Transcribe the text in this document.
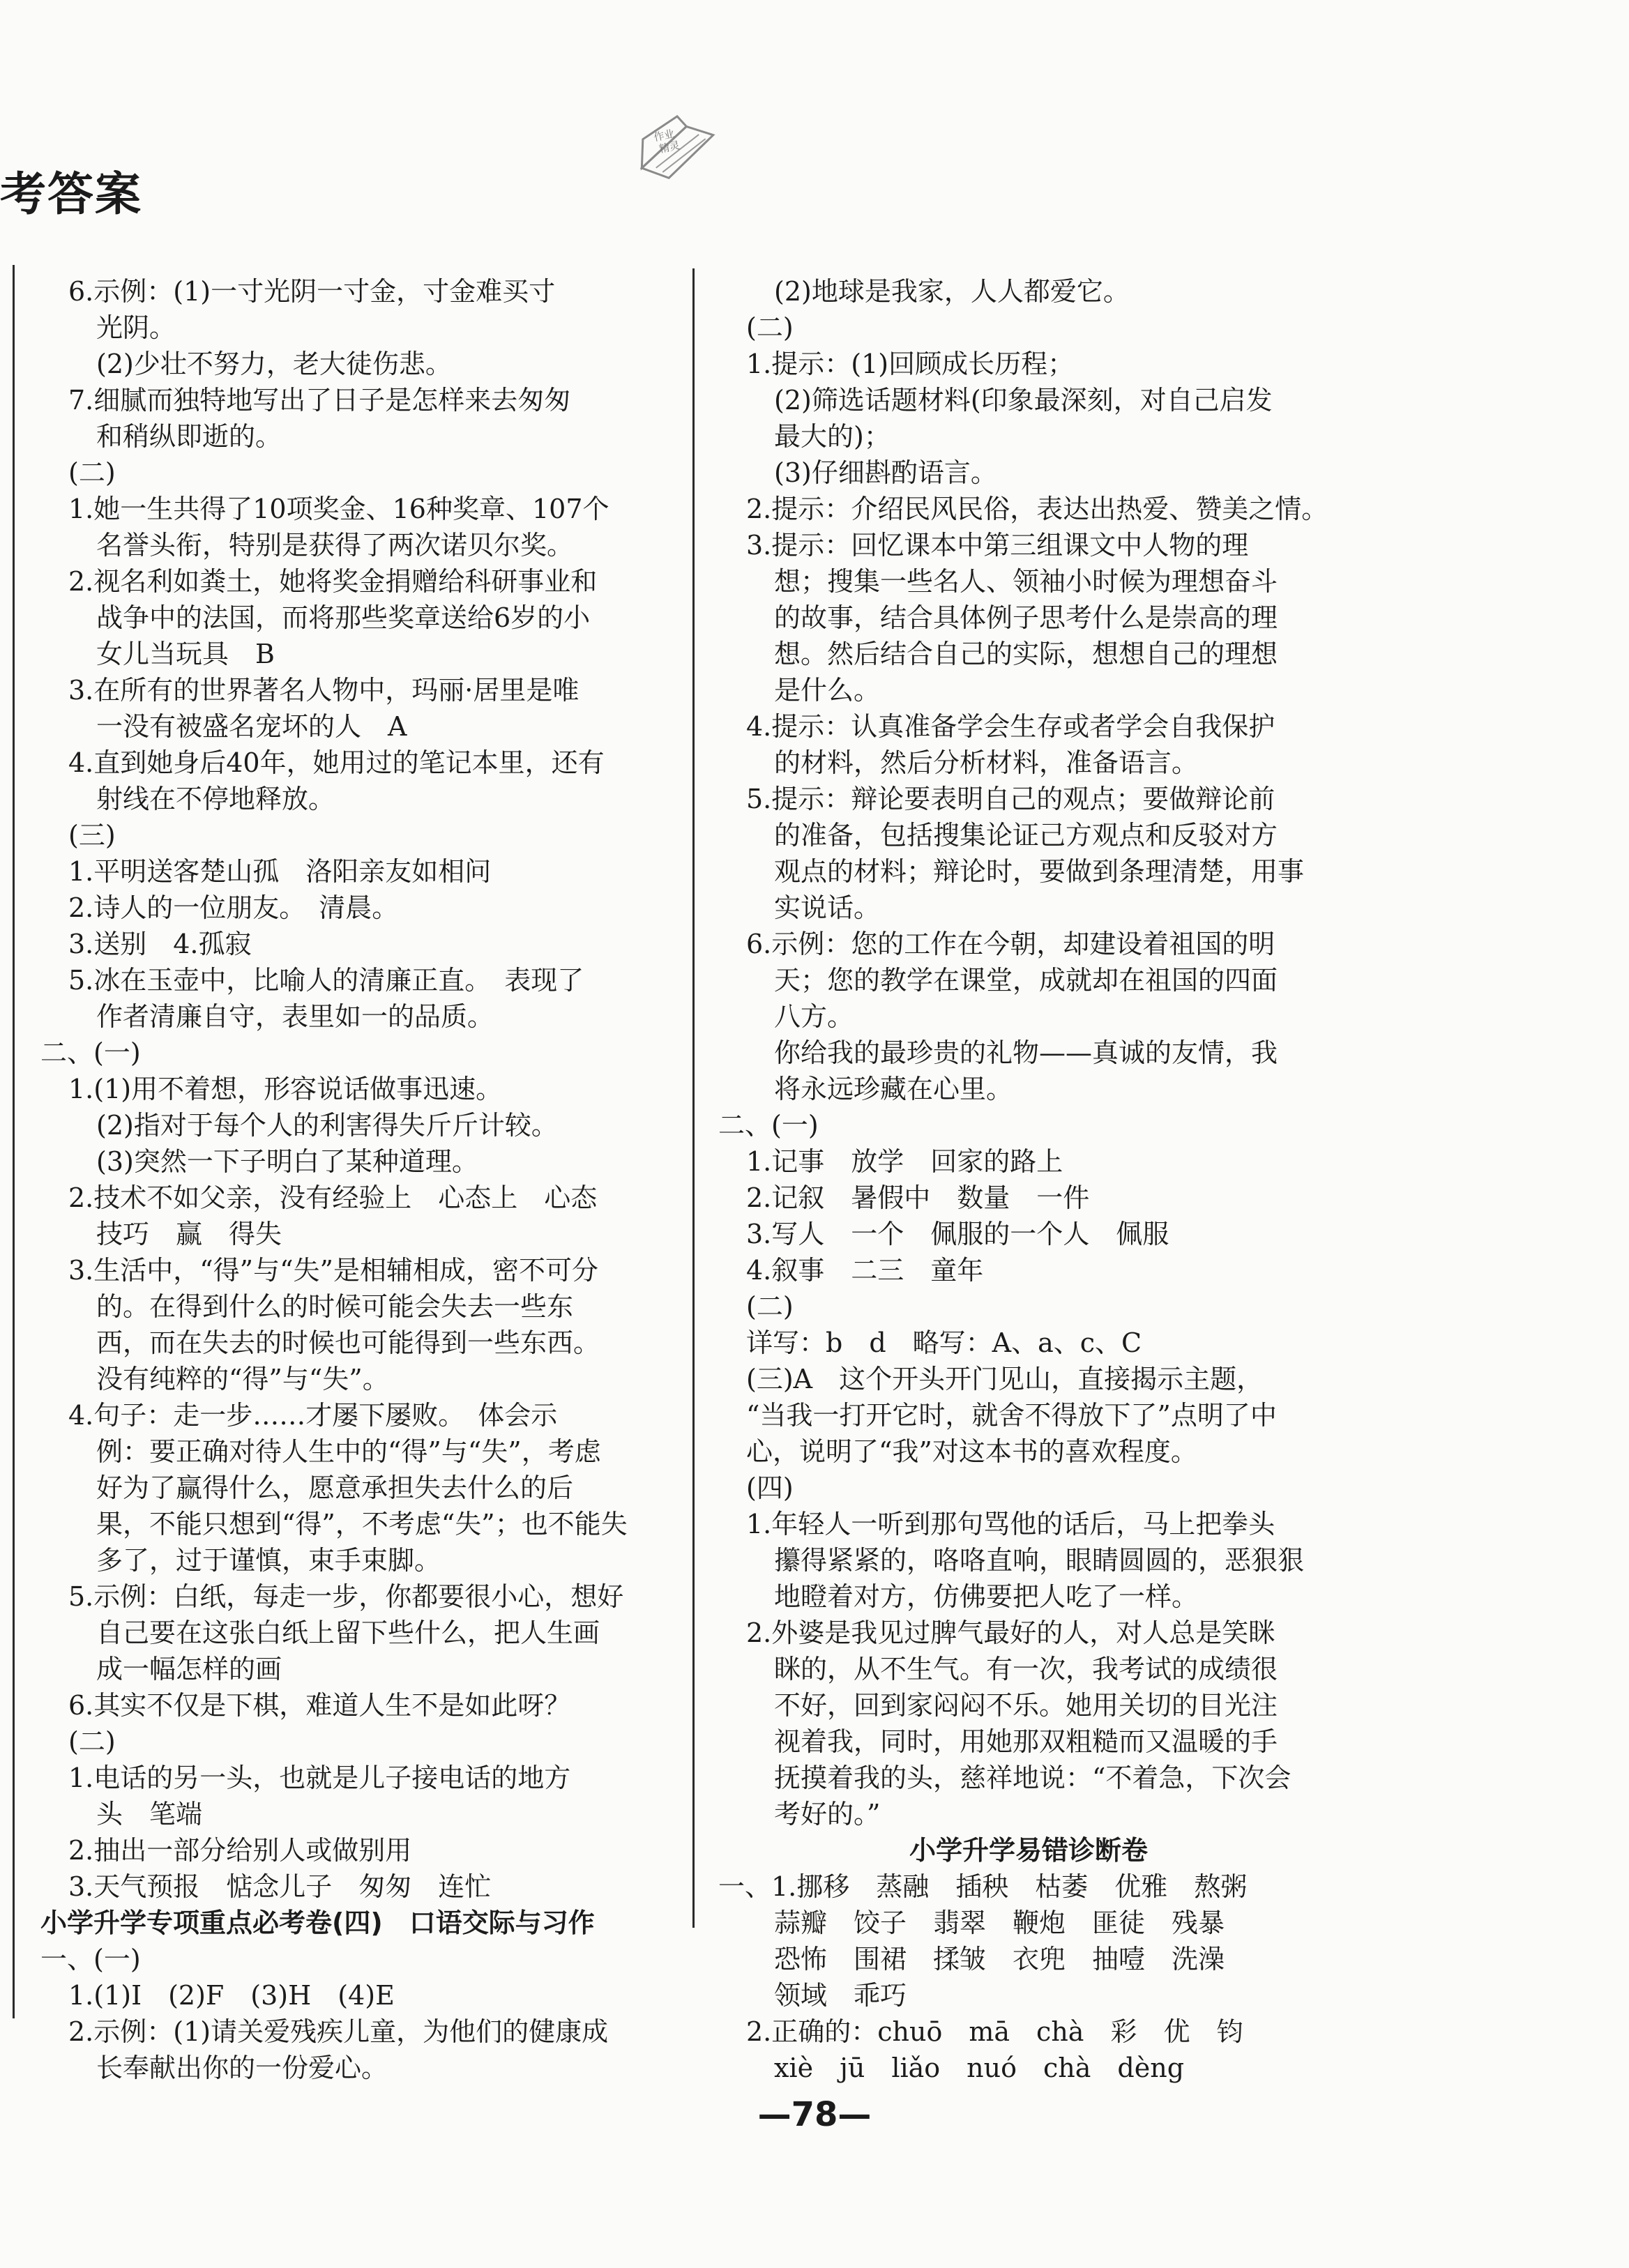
考答案
作业
精灵
6.示例：(1)一寸光阴一寸金，寸金难买寸
光阴。
(2)少壮不努力，老大徒伤悲。
7.细腻而独特地写出了日子是怎样来去匆匆
和稍纵即逝的。
(二)
1.她一生共得了10项奖金、16种奖章、107个
名誉头衔，特别是获得了两次诺贝尔奖。
2.视名利如粪土，她将奖金捐赠给科研事业和
战争中的法国，而将那些奖章送给6岁的小
女儿当玩具　B
3.在所有的世界著名人物中，玛丽·居里是唯
一没有被盛名宠坏的人　A
4.直到她身后40年，她用过的笔记本里，还有
射线在不停地释放。
(三)
1.平明送客楚山孤　洛阳亲友如相问
2.诗人的一位朋友。　清晨。
3.送别　4.孤寂
5.冰在玉壶中，比喻人的清廉正直。　表现了
作者清廉自守，表里如一的品质。
二、(一)
1.(1)用不着想，形容说话做事迅速。
(2)指对于每个人的利害得失斤斤计较。
(3)突然一下子明白了某种道理。
2.技术不如父亲，没有经验上　心态上　心态
技巧　赢　得失
3.生活中，“得”与“失”是相辅相成，密不可分
的。在得到什么的时候可能会失去一些东
西，而在失去的时候也可能得到一些东西。
没有纯粹的“得”与“失”。
4.句子：走一步……才屡下屡败。　体会示
例：要正确对待人生中的“得”与“失”，考虑
好为了赢得什么，愿意承担失去什么的后
果，不能只想到“得”，不考虑“失”；也不能失
多了，过于谨慎，束手束脚。
5.示例：白纸，每走一步，你都要很小心，想好
自己要在这张白纸上留下些什么，把人生画
成一幅怎样的画
6.其实不仅是下棋，难道人生不是如此呀？
(二)
1.电话的另一头，也就是儿子接电话的地方
头　笔端
2.抽出一部分给别人或做别用
3.天气预报　惦念儿子　匆匆　连忙
小学升学专项重点必考卷(四)　口语交际与习作
一、(一)
1.(1)I　(2)F　(3)H　(4)E
2.示例：(1)请关爱残疾儿童，为他们的健康成
长奉献出你的一份爱心。
(2)地球是我家，人人都爱它。
(二)
1.提示：(1)回顾成长历程；
(2)筛选话题材料(印象最深刻，对自己启发
最大的)；
(3)仔细斟酌语言。
2.提示：介绍民风民俗，表达出热爱、赞美之情。
3.提示：回忆课本中第三组课文中人物的理
想；搜集一些名人、领袖小时候为理想奋斗
的故事，结合具体例子思考什么是崇高的理
想。然后结合自己的实际，想想自己的理想
是什么。
4.提示：认真准备学会生存或者学会自我保护
的材料，然后分析材料，准备语言。
5.提示：辩论要表明自己的观点；要做辩论前
的准备，包括搜集论证己方观点和反驳对方
观点的材料；辩论时，要做到条理清楚，用事
实说话。
6.示例：您的工作在今朝，却建设着祖国的明
天；您的教学在课堂，成就却在祖国的四面
八方。
你给我的最珍贵的礼物——真诚的友情，我
将永远珍藏在心里。
二、(一)
1.记事　放学　回家的路上
2.记叙　暑假中　数量　一件
3.写人　一个　佩服的一个人　佩服
4.叙事　二三　童年
(二)
详写：b　d　略写：A、a、c、C
(三)A　这个开头开门见山，直接揭示主题，
“当我一打开它时，就舍不得放下了”点明了中
心，说明了“我”对这本书的喜欢程度。
(四)
1.年轻人一听到那句骂他的话后，马上把拳头
攥得紧紧的，咯咯直响，眼睛圆圆的，恶狠狠
地瞪着对方，仿佛要把人吃了一样。
2.外婆是我见过脾气最好的人，对人总是笑眯
眯的，从不生气。有一次，我考试的成绩很
不好，回到家闷闷不乐。她用关切的目光注
视着我，同时，用她那双粗糙而又温暖的手
抚摸着我的头，慈祥地说：“不着急，下次会
考好的。”
小学升学易错诊断卷
一、1.挪移　蒸融　插秧　枯萎　优雅　熬粥
蒜瓣　饺子　翡翠　鞭炮　匪徒　残暴
恐怖　围裙　揉皱　衣兜　抽噎　洗澡
领域　乖巧
2.正确的：chuō　mā　chà　彩　优　钧
xiè　jū　liǎo　nuó　chà　dèng
—78—
